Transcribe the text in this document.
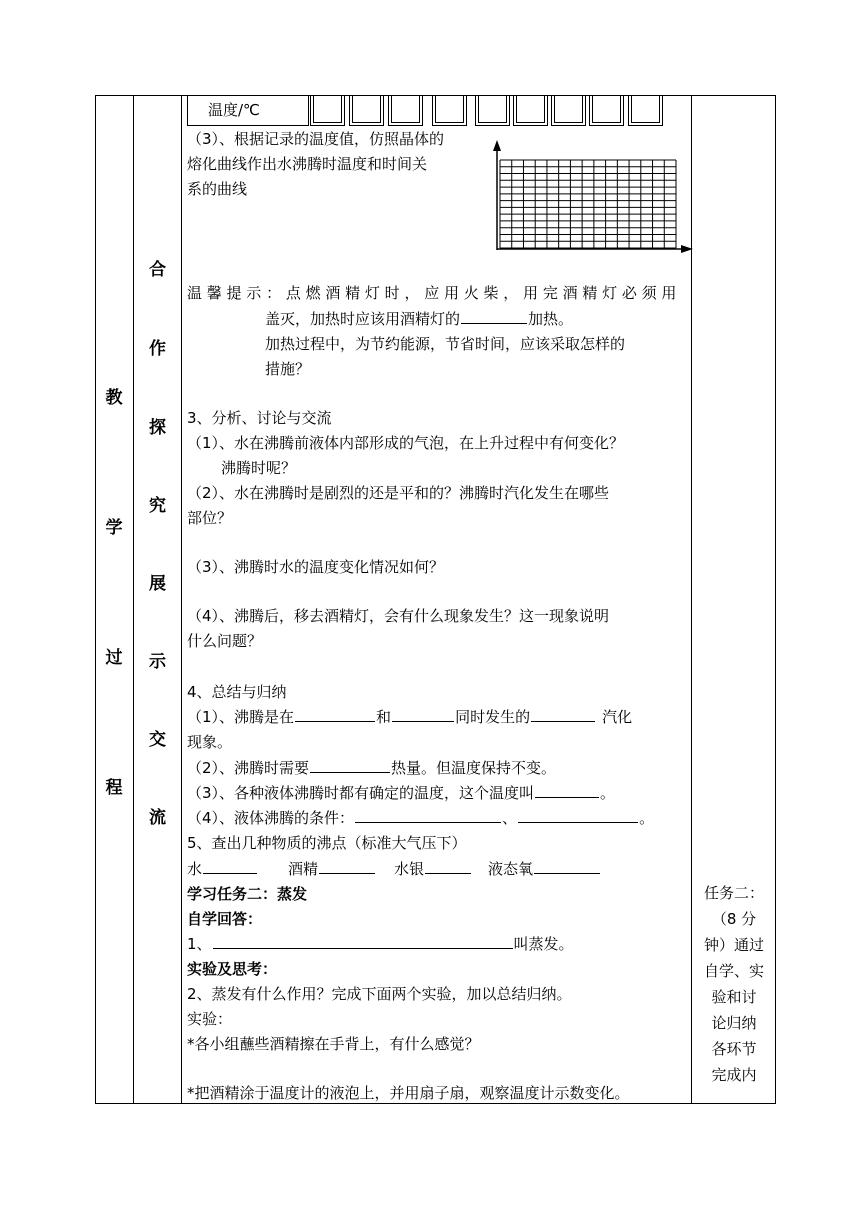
教
学
过
程
合
作
探
究
展
示
交
流
温度/℃
（3）、根据记录的温度值，仿照晶体的
熔化曲线作出水沸腾时温度和时间关
系的曲线
温 馨 提 示 ： 点 燃 酒 精 灯 时 ， 应 用 火 柴 ， 用 完 酒 精 灯 必 须 用
盖灭，加热时应该用酒精灯的	加热。
加热过程中，为节约能源，节省时间，应该采取怎样的
措施？
3、分析、讨论与交流
（1）、水在沸腾前液体内部形成的气泡，在上升过程中有何变化？
沸腾时呢？
（2）、水在沸腾时是剧烈的还是平和的？沸腾时汽化发生在哪些
部位？
（3）、沸腾时水的温度变化情况如何？
（4）、沸腾后，移去酒精灯，会有什么现象发生？这一现象说明
什么问题？
4、总结与归纳
（1）、沸腾是在	和	同时发生的	汽化
现象。
（2）、沸腾时需要	热量。但温度保持不变。
（3）、各种液体沸腾时都有确定的温度，这个温度叫	。
（4）、液体沸腾的条件：	、	。
5、查出几种物质的沸点（标准大气压下）
水	酒精	水银	液态氧
学习任务二：蒸发
自学回答：
1、	叫蒸发。
实验及思考：
2、蒸发有什么作用？完成下面两个实验，加以总结归纳。
实验：
*各小组蘸些酒精擦在手背上，有什么感觉？
*把酒精涂于温度计的液泡上，并用扇子扇，观察温度计示数变化。
任务二：
（8 分
钟）通过
自学、实
验和讨
论归纳
各环节
完成内
